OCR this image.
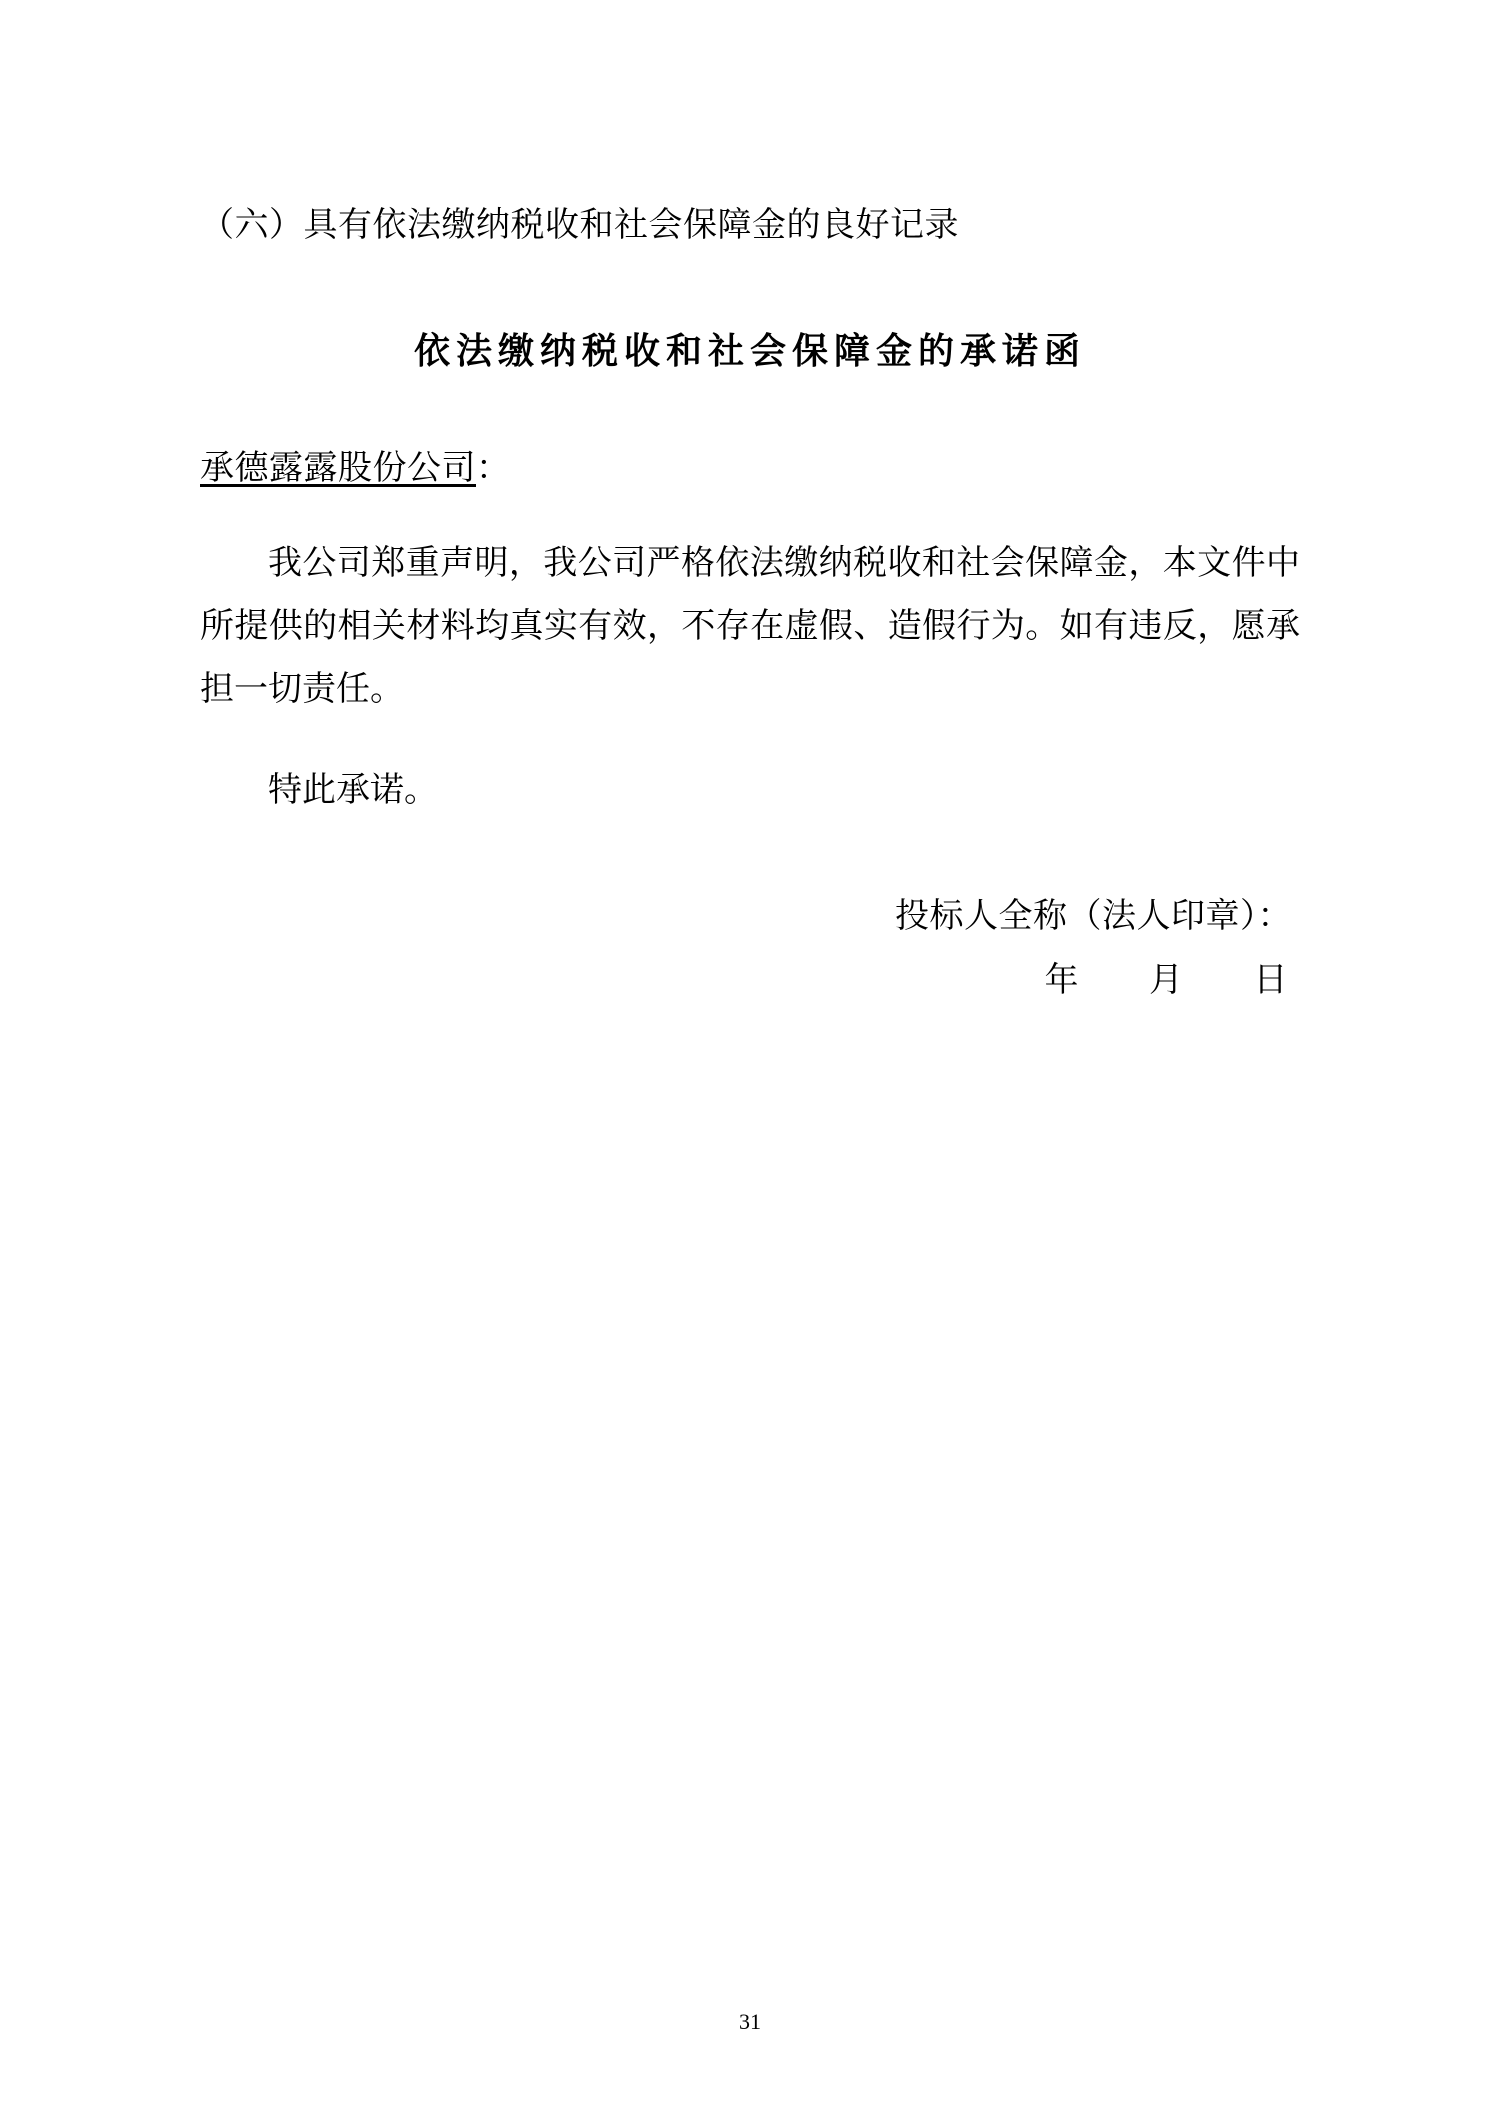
（六）具有依法缴纳税收和社会保障金的良好记录
依法缴纳税收和社会保障金的承诺函
承德露露股份公司：
我公司郑重声明，我公司严格依法缴纳税收和社会保障金，本文件中所提供的相关材料均真实有效，不存在虚假、造假行为。如有违反，愿承担一切责任。
特此承诺。
投标人全称（法人印章）：
年 月 日
31
